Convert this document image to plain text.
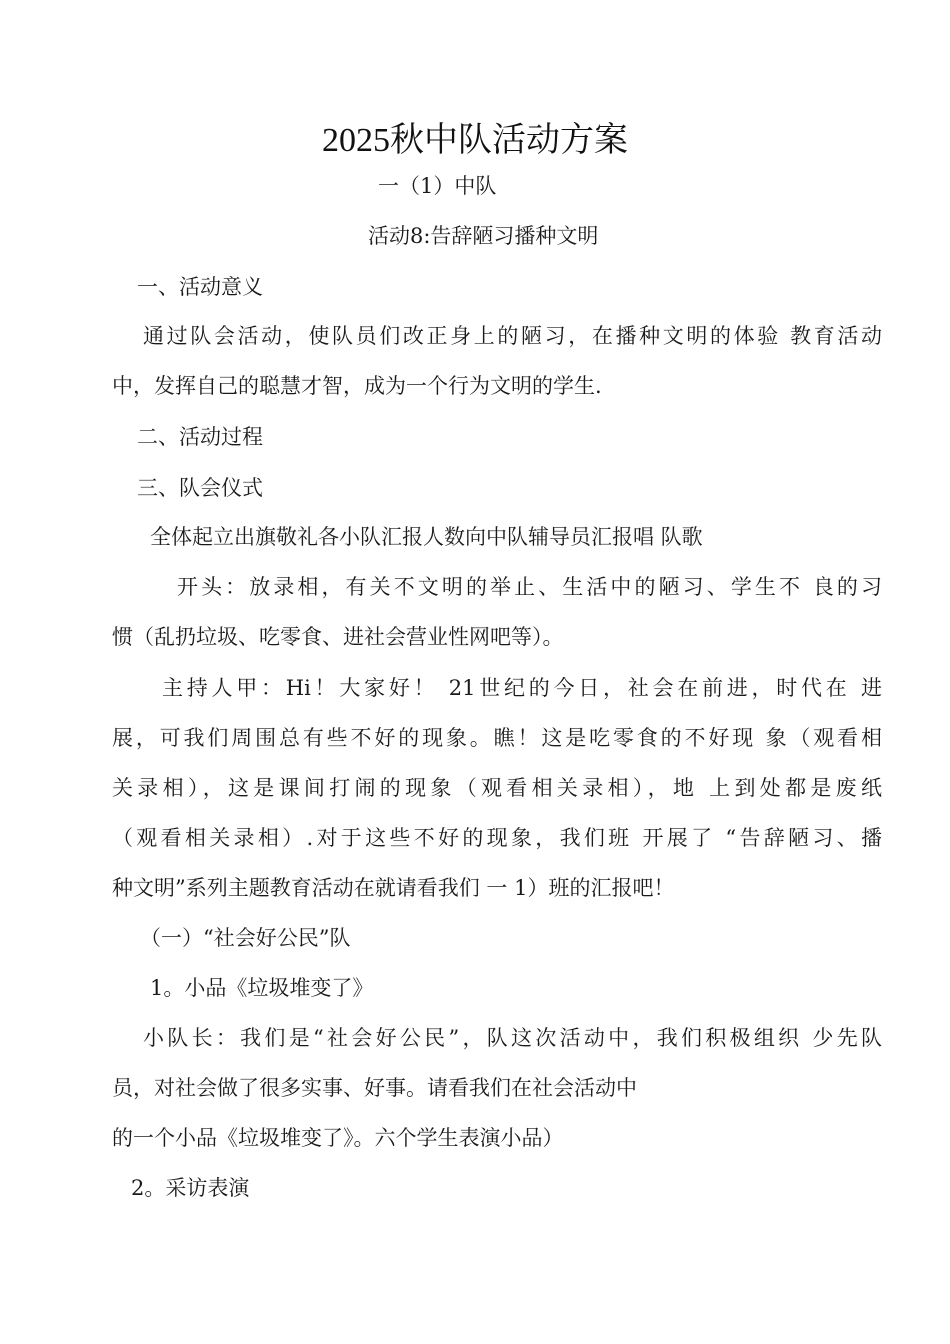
2025秋中队活动方案
一（1）中队
活动8:告辞陋习播种文明
一、活动意义
通过队会活动，使队员们改正身上的陋习，在播种文明的体验 教育活动
中，发挥自己的聪慧才智，成为一个行为文明的学生.
二、活动过程
三、队会仪式
全体起立出旗敬礼各小队汇报人数向中队辅导员汇报唱 队歌
开头：放录相，有关不文明的举止、生活中的陋习、学生不 良的习
惯（乱扔垃圾、吃零食、进社会营业性网吧等）。
主持人甲：Hi！大家好！ 21世纪的今日，社会在前进，时代在 进
展，可我们周围总有些不好的现象。瞧！这是吃零食的不好现 象（观看相
关录相），这是课间打闹的现象（观看相关录相），地 上到处都是废纸
（观看相关录相）.对于这些不好的现象，我们班 开展了 “告辞陋习、播
种文明”系列主题教育活动在就请看我们 一 1）班的汇报吧！
（一）“社会好公民”队
1。小品《垃圾堆变了》
小队长：我们是“社会好公民”，队这次活动中，我们积极组织 少先队
员，对社会做了很多实事、好事。请看我们在社会活动中
的一个小品《垃圾堆变了》。六个学生表演小品）
2。采访表演
